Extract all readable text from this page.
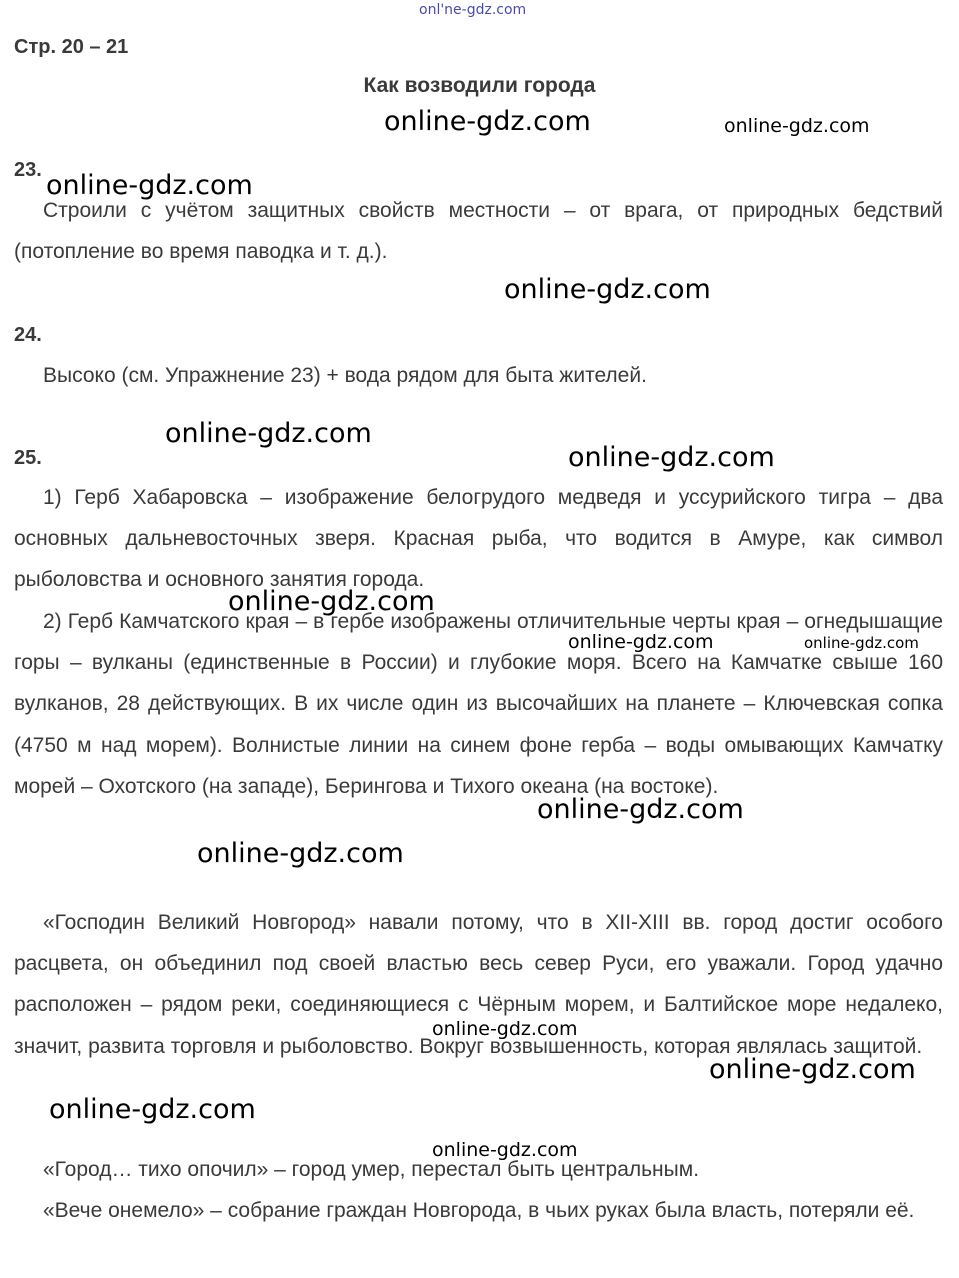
onl'ne-gdz.com
Стр. 20 – 21
Как возводили города
online-gdz.com	online-gdz.com
23. online-gdz.com
Строили с учётом защитных свойств местности – от врага, от природных бедствий (потопление во время паводка и т. д.).
online-gdz.com
24.
Высоко (см. Упражнение 23) + вода рядом для быта жителей.
online-gdz.com
25.	online-gdz.com
1) Герб Хабаровска – изображение белогрудого медведя и уссурийского тигра – два основных дальневосточных зверя. Красная рыба, что водится в Амуре, как символ рыболовства и основного занятия города.
2) Герб Камчатского края – в гербе изображены отличительные черты края – огнедышащие горы – вулканы (единственные в России) и глубокие моря. Всего на Камчатке свыше 160 вулканов, 28 действующих. В их числе один из высочайших на планете – Ключевская сопка (4750 м над морем). Волнистые линии на синем фоне герба – воды омывающих Камчатку морей – Охотского (на западе), Берингова и Тихого океана (на востоке).
online-gdz.com
online-gdz.com	online-gdz.com
online-gdz.com
online-gdz.com
«Господин Великий Новгород» навали потому, что в XII-XIII вв. город достиг особого расцвета, он объединил под своей властью весь север Руси, его уважали. Город удачно расположен – рядом реки, соединяющиеся с Чёрным морем, и Балтийское море недалеко, значит, развита торговля и рыболовство. Вокруг возвышенность, которая являлась защитой.
online-gdz.com
online-gdz.com
online-gdz.com
online-gdz.com
«Город… тихо опочил» – город умер, перестал быть центральным.
«Вече онемело» – собрание граждан Новгорода, в чьих руках была власть, потеряли её.
